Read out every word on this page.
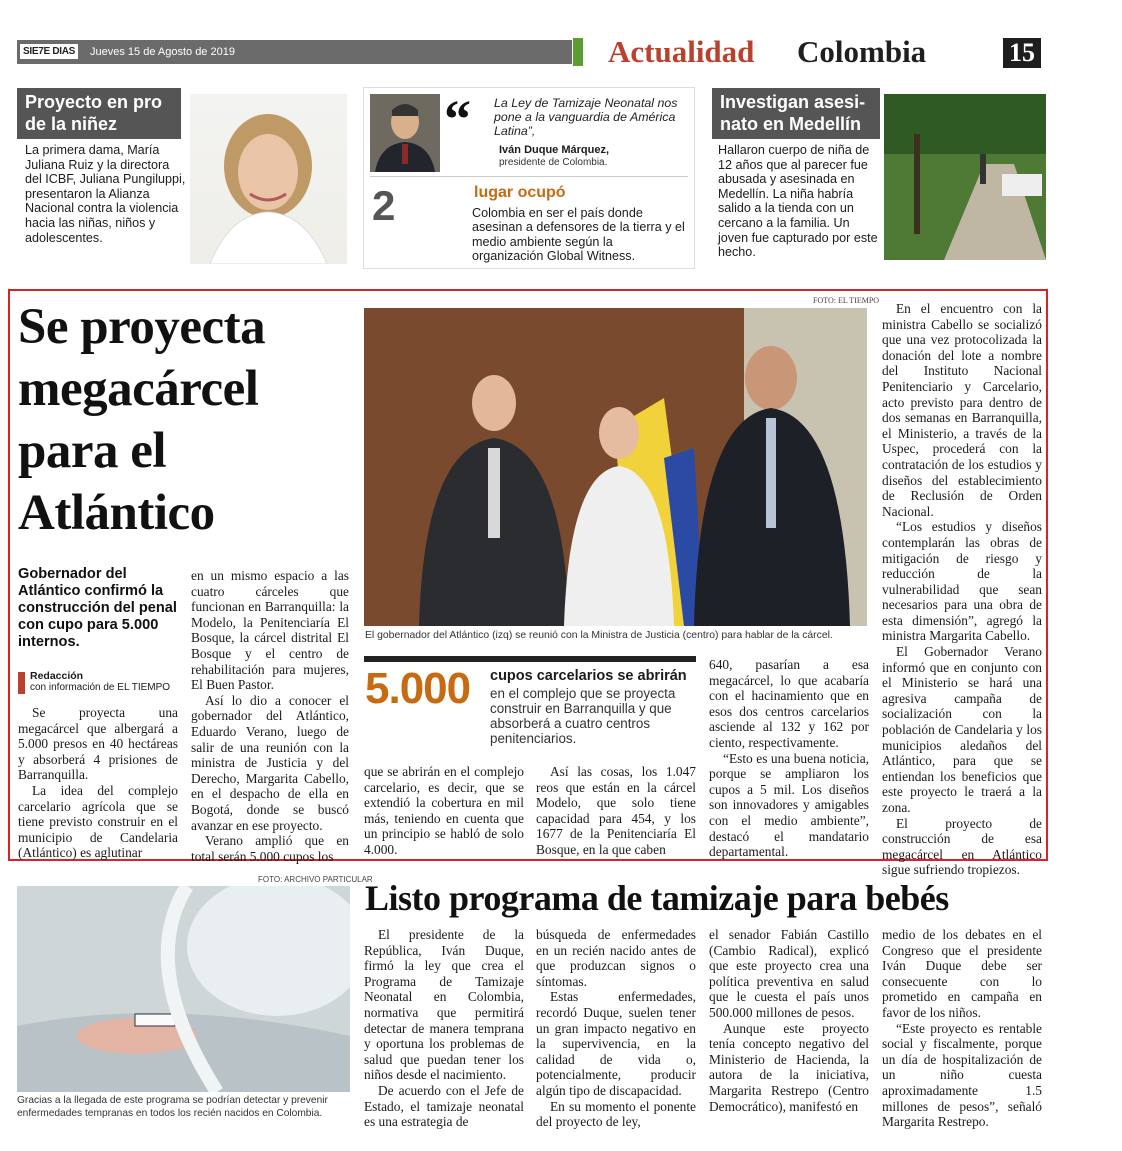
SIE7E DIAS Jueves 15 de Agosto de 2019	Actualidad Colombia	15
Proyecto en pro
de la niñez
La primera dama, María Juliana Ruiz y la directora del ICBF, Juliana Pungiluppi, presentaron la Alianza Nacional contra la violencia hacia las niñas, niños y adolescentes.
“ La Ley de Tamizaje Neonatal nos pone a la vanguardia de América Latina”,
Iván Duque Márquez,
presidente de Colombia.
2	lugar ocupó
Colombia en ser el país donde asesinan a defensores de la tierra y el medio ambiente según la organización Global Witness.
Investigan asesi-
nato en Medellín
Hallaron cuerpo de niña de 12 años que al parecer fue abusada y asesinada en Medellín. La niña habría salido a la tienda con un cercano a la familia. Un joven fue capturado por este hecho.
Se proyecta megacárcel para el Atlántico
Gobernador del Atlántico confirmó la construcción del penal con cupo para 5.000 internos.
Redacción
con información de EL TIEMPO

Se proyecta una megacárcel que albergará a 5.000 presos en 40 hectáreas y absorberá 4 prisiones de Barranquilla.

La idea del complejo carcelario agrícola que se tiene previsto construir en el municipio de Candelaria (Atlántico) es aglutinar

en un mismo espacio a las cuatro cárceles que funcionan en Barranquilla: la Modelo, la Penitenciaría El Bosque, la cárcel distrital El Bosque y el centro de rehabilitación para mujeres, El Buen Pastor.

Así lo dio a conocer el gobernador del Atlántico, Eduardo Verano, luego de salir de una reunión con la ministra de Justicia y del Derecho, Margarita Cabello, en el despacho de ella en Bogotá, donde se buscó avanzar en ese proyecto.

Verano amplió que en total serán 5.000 cupos los

FOTO: EL TIEMPO
El gobernador del Atlántico (izq) se reunió con la Ministra de Justicia (centro) para hablar de la cárcel.
5.000 cupos carcelarios se abrirán
en el complejo que se proyecta construir en Barranquilla y que absorberá a cuatro centros penitenciarios.

que se abrirán en el complejo carcelario, es decir, que se extendió la cobertura en mil más, teniendo en cuenta que un principio se habló de solo 4.000.

Así las cosas, los 1.047 reos que están en la cárcel Modelo, que solo tiene capacidad para 454, y los 1677 de la Penitenciaría El Bosque, en la que caben

640, pasarían a esa megacárcel, lo que acabaría con el hacinamiento que en esos dos centros carcelarios asciende al 132 y 162 por ciento, respectivamente.

“Esto es una buena noticia, porque se ampliaron los cupos a 5 mil. Los diseños son innovadores y amigables con el medio ambiente”, destacó el mandatario departamental.

En el encuentro con la ministra Cabello se socializó que una vez protocolizada la donación del lote a nombre del Instituto Nacional Penitenciario y Carcelario, acto previsto para dentro de dos semanas en Barranquilla, el Ministerio, a través de la Uspec, procederá con la contratación de los estudios y diseños del establecimiento de Reclusión de Orden Nacional.

“Los estudios y diseños contemplarán las obras de mitigación de riesgo y reducción de la vulnerabilidad que sean necesarios para una obra de esta dimensión”, agregó la ministra Margarita Cabello.

El Gobernador Verano informó que en conjunto con el Ministerio se hará una agresiva campaña de socialización con la población de Candelaria y los municipios aledaños del Atlántico, para que se entiendan los beneficios que este proyecto le traerá a la zona.

El proyecto de construcción de esa megacárcel en Atlántico sigue sufriendo tropiezos.

FOTO: ARCHIVO PARTICULAR
Gracias a la llegada de este programa se podrían detectar y prevenir enfermedades tempranas en todos los recién nacidos en Colombia.
Listo programa de tamizaje para bebés

El presidente de la República, Iván Duque, firmó la ley que crea el Programa de Tamizaje Neonatal en Colombia, normativa que permitirá detectar de manera temprana y oportuna los problemas de salud que puedan tener los niños desde el nacimiento.

De acuerdo con el Jefe de Estado, el tamizaje neonatal es una estrategia de

búsqueda de enfermedades en un recién nacido antes de que produzcan signos o síntomas.

Estas enfermedades, recordó Duque, suelen tener un gran impacto negativo en la supervivencia, en la calidad de vida o, potencialmente, producir algún tipo de discapacidad.

En su momento el ponente del proyecto de ley,

el senador Fabián Castillo (Cambio Radical), explicó que este proyecto crea una política preventiva en salud que le cuesta el país unos 500.000 millones de pesos.

Aunque este proyecto tenía concepto negativo del Ministerio de Hacienda, la autora de la iniciativa, Margarita Restrepo (Centro Democrático), manifestó en

medio de los debates en el Congreso que el presidente Iván Duque debe ser consecuente con lo prometido en campaña en favor de los niños.

“Este proyecto es rentable social y fiscalmente, porque un día de hospitalización de un niño cuesta aproximadamente 1.5 millones de pesos”, señaló Margarita Restrepo.
